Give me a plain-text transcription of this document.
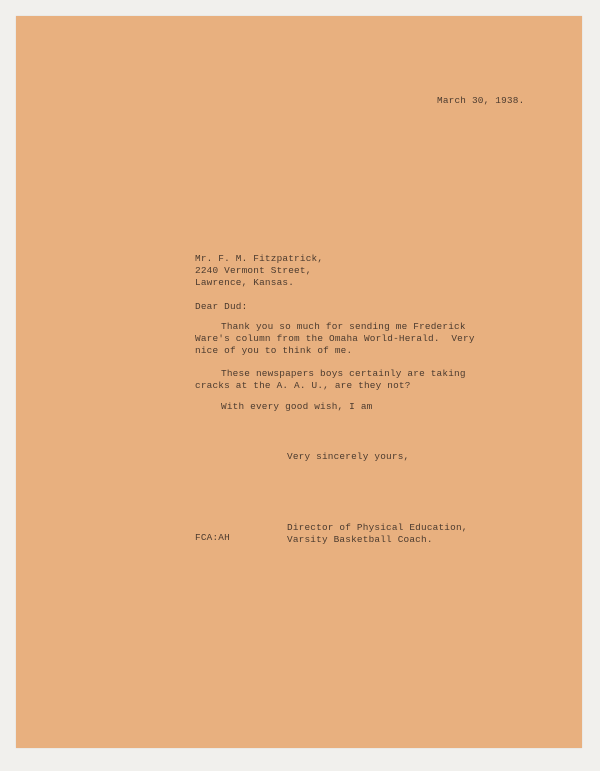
March 30, 1938.
Mr. F. M. Fitzpatrick,
2240 Vermont Street,
Lawrence, Kansas.
Dear Dud:
Thank you so much for sending me Frederick
Ware's column from the Omaha World-Herald.  Very
nice of you to think of me.
These newspapers boys certainly are taking
cracks at the A. A. U., are they not?
With every good wish, I am
Very sincerely yours,
FCA:AH
Director of Physical Education,
Varsity Basketball Coach.
